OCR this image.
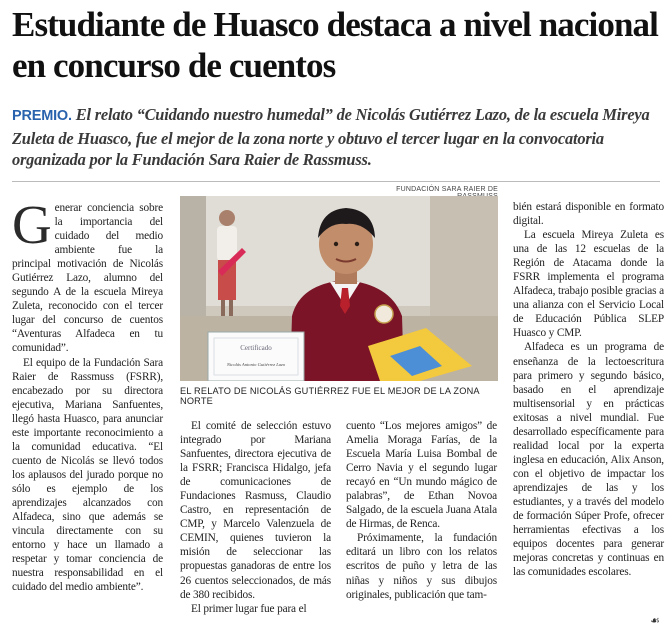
Estudiante de Huasco destaca a nivel nacional en concurso de cuentos

PREMIO. El relato “Cuidando nuestro humedal” de Nicolás Gutiérrez Lazo, de la escuela Mireya Zuleta de Huasco, fue el mejor de la zona norte y obtuvo el tercer lugar en la convocatoria organizada por la Fundación Sara Raier de Rassmuss.

Generar conciencia sobre la importancia del cuidado del medio ambiente fue la principal motivación de Nicolás Gutiérrez Lazo, alumno del segundo A de la escuela Mireya Zuleta, reconocido con el tercer lugar del concurso de cuentos “Aventuras Alfadeca en tu comunidad”.

El equipo de la Fundación Sara Raier de Rassmuss (FSRR), encabezado por su directora ejecutiva, Mariana Sanfuentes, llegó hasta Huasco, para anunciar este importante reconocimiento a la comunidad educativa. “El cuento de Nicolás se llevó todos los aplausos del jurado porque no sólo es ejemplo de los aprendizajes alcanzados con Alfadeca, sino que además se vincula directamente con su entorno y hace un llamado a respetar y tomar conciencia de nuestra responsabilidad en el cuidado del medio ambiente”.

FUNDACIÓN SARA RAIER DE
Certificado
Nicolás Antonio Gutiérrez Lazo

EL RELATO DE NICOLÁS GUTIÉRREZ FUE EL MEJOR DE LA ZONA NORTE

El comité de selección estuvo integrado por Mariana Sanfuentes, directora ejecutiva de la FSRR; Francisca Hidalgo, jefa de comunicaciones de Fundaciones Rasmuss, Claudio Castro, en representación de CMP, y Marcelo Valenzuela de CEMIN, quienes tuvieron la misión de seleccionar las propuestas ganadoras de entre los 26 cuentos seleccionados, de más de 380 recibidos.

El primer lugar fue para el

cuento “Los mejores amigos” de Amelia Moraga Farías, de la Escuela María Luisa Bombal de Cerro Navia y el segundo lugar recayó en “Un mundo mágico de palabras”, de Ethan Novoa Salgado, de la escuela Juana Atala de Hirmas, de Renca.

Próximamente, la fundación editará un libro con los relatos escritos de puño y letra de las niñas y niños y sus dibujos originales, publicación que tam-

bién estará disponible en formato digital.

La escuela Mireya Zuleta es una de las 12 escuelas de la Región de Atacama donde la FSRR implementa el programa Alfadeca, trabajo posible gracias a una alianza con el Servicio Local de Educación Pública SLEP Huasco y CMP.

Alfadeca es un programa de enseñanza de la lectoescritura para primero y segundo básico, basado en el aprendizaje multisensorial y en prácticas exitosas a nivel mundial. Fue desarrollado específicamente para realidad local por la experta inglesa en educación, Alix Anson, con el objetivo de impactar los aprendizajes de las y los estudiantes, y a través del modelo de formación Súper Profe, ofrecer herramientas efectivas a los equipos docentes para generar mejoras concretas y continuas en las comunidades escolares.

☙
